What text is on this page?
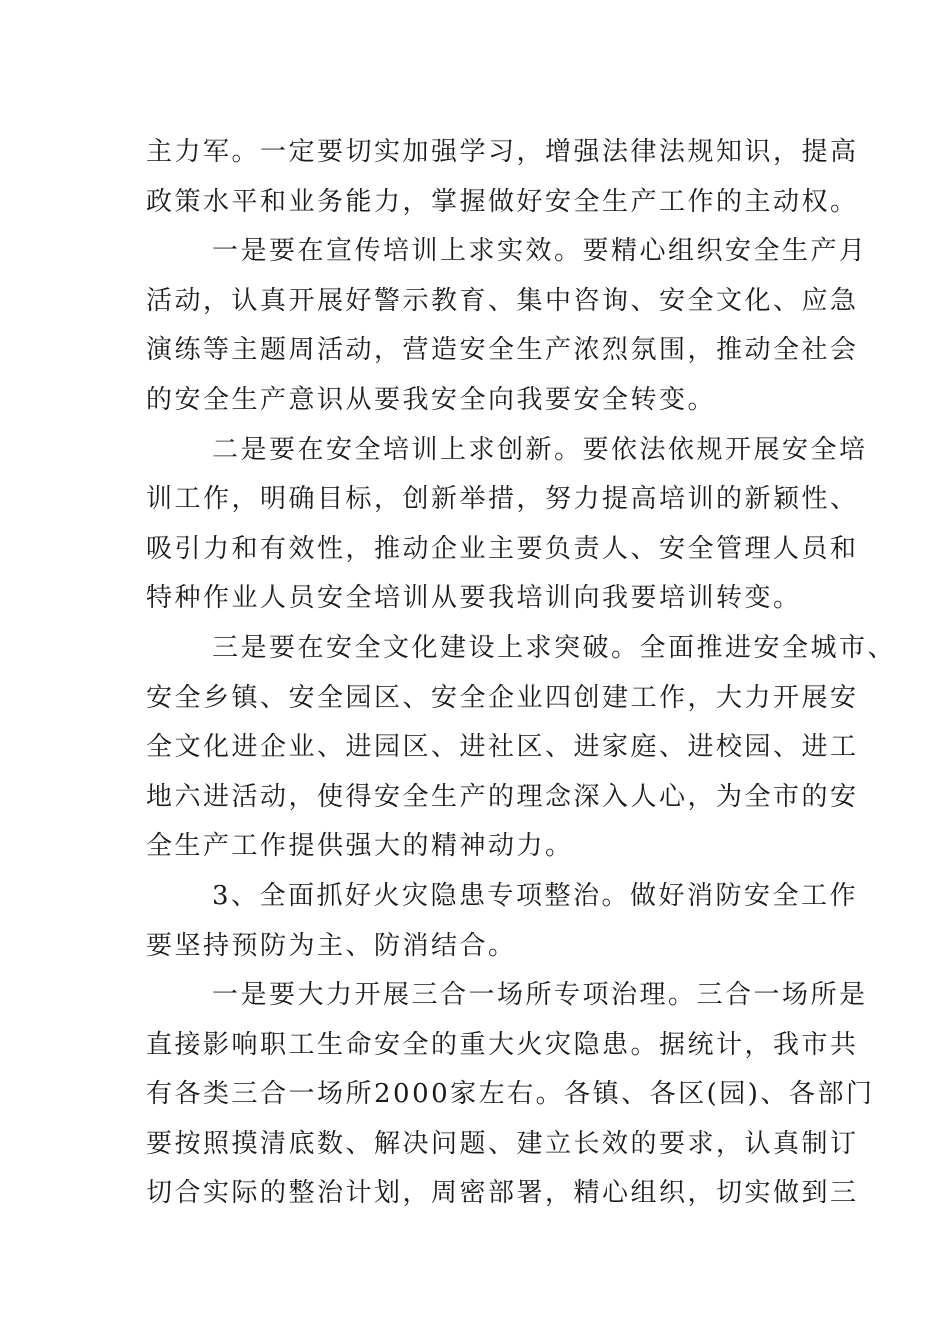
主力军。一定要切实加强学习，增强法律法规知识，提高
政策水平和业务能力，掌握做好安全生产工作的主动权。
一是要在宣传培训上求实效。要精心组织安全生产月
活动，认真开展好警示教育、集中咨询、安全文化、应急
演练等主题周活动，营造安全生产浓烈氛围，推动全社会
的安全生产意识从要我安全向我要安全转变。
二是要在安全培训上求创新。要依法依规开展安全培
训工作，明确目标，创新举措，努力提高培训的新颖性、
吸引力和有效性，推动企业主要负责人、安全管理人员和
特种作业人员安全培训从要我培训向我要培训转变。
三是要在安全文化建设上求突破。全面推进安全城市、
安全乡镇、安全园区、安全企业四创建工作，大力开展安
全文化进企业、进园区、进社区、进家庭、进校园、进工
地六进活动，使得安全生产的理念深入人心，为全市的安
全生产工作提供强大的精神动力。
3、全面抓好火灾隐患专项整治。做好消防安全工作
要坚持预防为主、防消结合。
一是要大力开展三合一场所专项治理。三合一场所是
直接影响职工生命安全的重大火灾隐患。据统计，我市共
有各类三合一场所2000家左右。各镇、各区(园)、各部门
要按照摸清底数、解决问题、建立长效的要求，认真制订
切合实际的整治计划，周密部署，精心组织，切实做到三
